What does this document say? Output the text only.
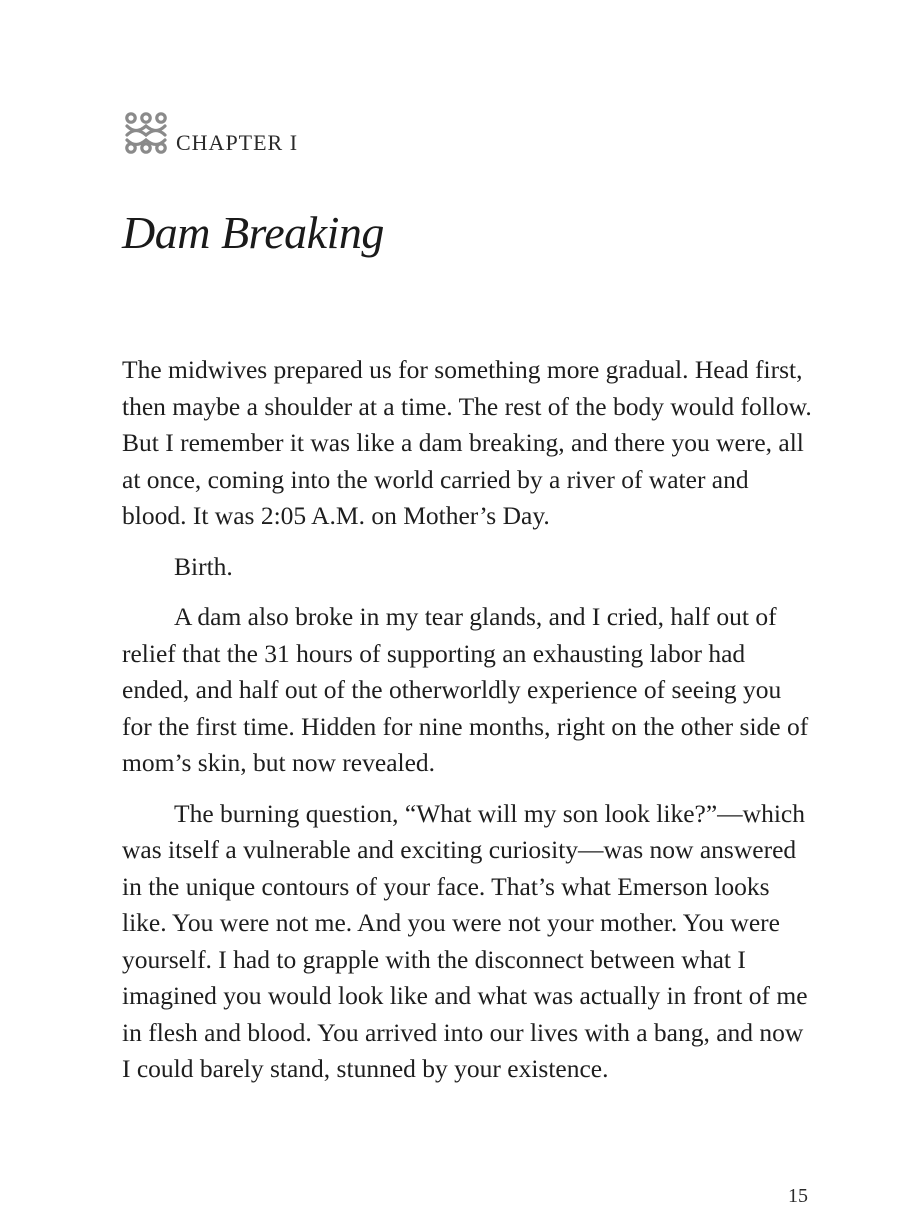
CHAPTER I
Dam Breaking

The midwives prepared us for something more gradual. Head first, then maybe a shoulder at a time. The rest of the body would follow. But I remember it was like a dam breaking, and there you were, all at once, coming into the world carried by a river of water and blood. It was 2:05 A.M. on Mother’s Day.

Birth.

A dam also broke in my tear glands, and I cried, half out of relief that the 31 hours of supporting an exhausting labor had ended, and half out of the otherworldly experience of seeing you for the first time. Hidden for nine months, right on the other side of mom’s skin, but now revealed.

The burning question, “What will my son look like?”—which was itself a vulnerable and exciting curiosity—was now answered in the unique contours of your face. That’s what Emerson looks like. You were not me. And you were not your mother. You were yourself. I had to grapple with the disconnect between what I imagined you would look like and what was actually in front of me in flesh and blood. You arrived into our lives with a bang, and now I could barely stand, stunned by your existence.

15
